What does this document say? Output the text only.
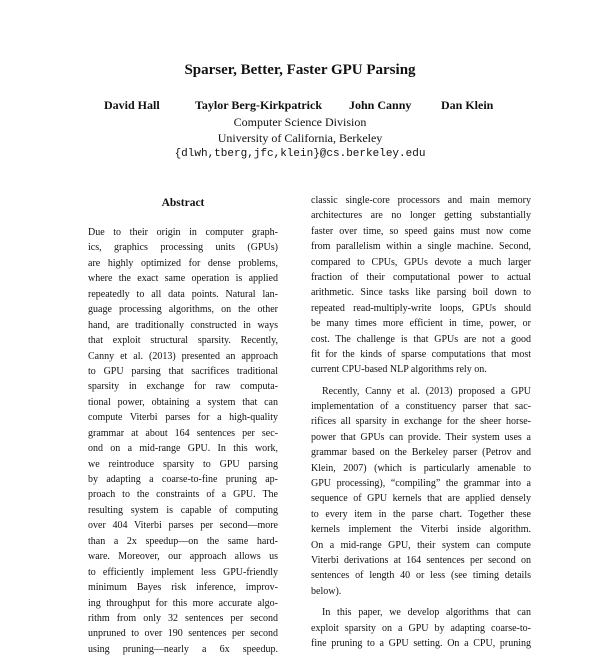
Sparser, Better, Faster GPU Parsing
David Hall	Taylor Berg-Kirkpatrick John Canny Dan Klein
Computer Science Division
University of California, Berkeley
{dlwh,tberg,jfc,klein}@cs.berkeley.edu
Abstract
Due to their origin in computer graph-
ics, graphics processing units (GPUs)
are highly optimized for dense problems,
where the exact same operation is applied
repeatedly to all data points. Natural lan-
guage processing algorithms, on the other
hand, are traditionally constructed in ways
that exploit structural sparsity. Recently,
Canny et al. (2013) presented an approach
to GPU parsing that sacrifices traditional
sparsity in exchange for raw computa-
tional power, obtaining a system that can
compute Viterbi parses for a high-quality
grammar at about 164 sentences per sec-
ond on a mid-range GPU. In this work,
we reintroduce sparsity to GPU parsing
by adapting a coarse-to-fine pruning ap-
proach to the constraints of a GPU. The
resulting system is capable of computing
over 404 Viterbi parses per second—more
than a 2x speedup—on the same hard-
ware. Moreover, our approach allows us
to efficiently implement less GPU-friendly
minimum Bayes risk inference, improv-
ing throughput for this more accurate algo-
rithm from only 32 sentences per second
unpruned to over 190 sentences per second
using pruning—nearly a 6x speedup.
classic single-core processors and main memory
architectures are no longer getting substantially
faster over time, so speed gains must now come
from parallelism within a single machine. Second,
compared to CPUs, GPUs devote a much larger
fraction of their computational power to actual
arithmetic. Since tasks like parsing boil down to
repeated read-multiply-write loops, GPUs should
be many times more efficient in time, power, or
cost. The challenge is that GPUs are not a good
fit for the kinds of sparse computations that most
current CPU-based NLP algorithms rely on.
Recently, Canny et al. (2013) proposed a GPU
implementation of a constituency parser that sac-
rifices all sparsity in exchange for the sheer horse-
power that GPUs can provide. Their system uses a
grammar based on the Berkeley parser (Petrov and
Klein, 2007) (which is particularly amenable to
GPU processing), “compiling” the grammar into a
sequence of GPU kernels that are applied densely
to every item in the parse chart. Together these
kernels implement the Viterbi inside algorithm.
On a mid-range GPU, their system can compute
Viterbi derivations at 164 sentences per second on
sentences of length 40 or less (see timing details
below).
In this paper, we develop algorithms that can
exploit sparsity on a GPU by adapting coarse-to-
fine pruning to a GPU setting. On a CPU, pruning
